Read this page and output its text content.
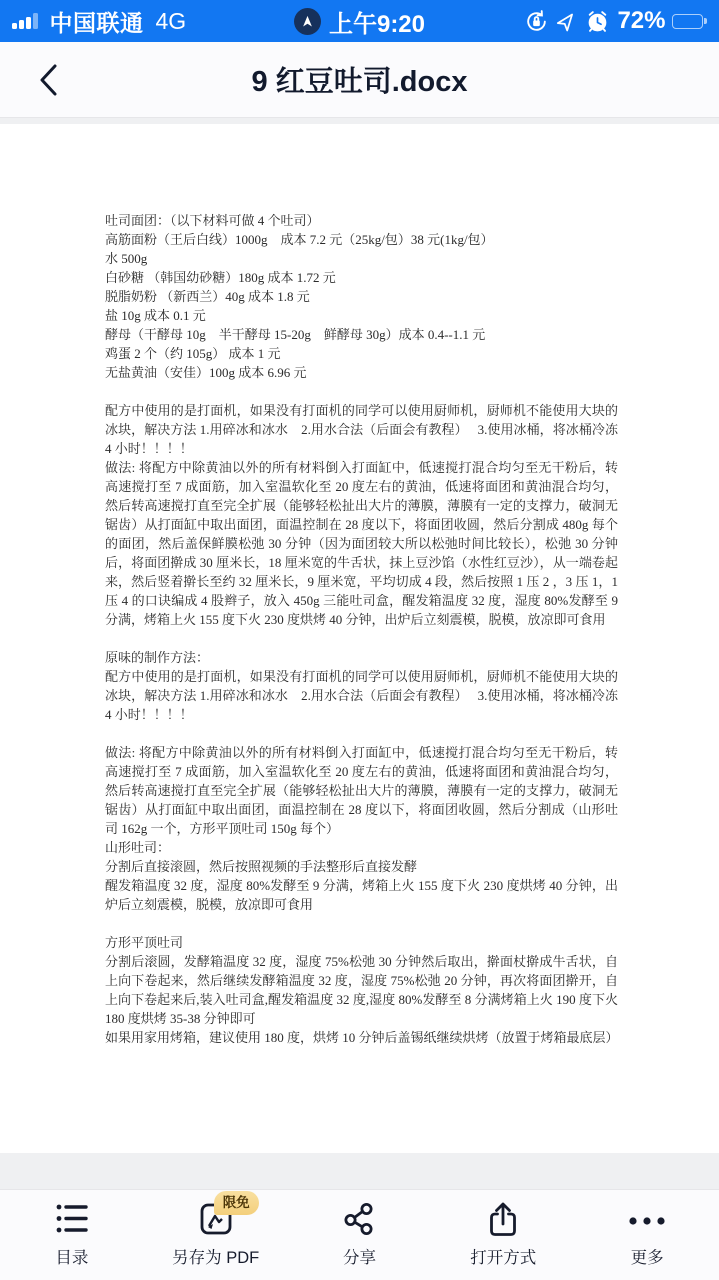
中国联通 4G	上午9:20	72%
9 红豆吐司.docx

吐司面团：（以下材料可做 4 个吐司）

高筋面粉（王后白线）1000g　成本 7.2 元（25kg/包）38 元(1kg/包）

水 500g

白砂糖 （韩国幼砂糖）180g 成本 1.72 元

脱脂奶粉 （新西兰）40g 成本 1.8 元

盐 10g 成本 0.1 元

酵母（干酵母 10g　半干酵母 15-20g　鲜酵母 30g）成本 0.4--1.1 元

鸡蛋 2 个（约 105g） 成本 1 元

无盐黄油（安佳）100g 成本 6.96 元

配方中使用的是打面机，如果没有打面机的同学可以使用厨师机，厨师机不能使用大块的冰块，解决方法 1.用碎冰和冰水　2.用水合法（后面会有教程）　 3.使用冰桶，将冰桶冷冻 4 小时！！！！

做法: 将配方中除黄油以外的所有材料倒入打面缸中，低速搅打混合均匀至无干粉后，转高速搅打至 7 成面筋，加入室温软化至 20 度左右的黄油，低速将面团和黄油混合均匀，然后转高速搅打直至完全扩展（能够轻松扯出大片的薄膜，薄膜有一定的支撑力，破洞无锯齿）从打面缸中取出面团，面温控制在 28 度以下，将面团收圆，然后分割成 480g 每个的面团，然后盖保鲜膜松弛 30 分钟（因为面团较大所以松弛时间比较长），松弛 30 分钟后，将面团擀成 30 厘米长，18 厘米宽的牛舌状，抹上豆沙馅（水性红豆沙），从一端卷起来，然后竖着擀长至约 32 厘米长，9 厘米宽，平均切成 4 段，然后按照 1 压 2 ，3 压 1，1 压 4 的口诀编成 4 股辫子，放入 450g 三能吐司盒，醒发箱温度 32 度，湿度 80%发酵至 9 分满，烤箱上火 155 度下火 230 度烘烤 40 分钟，出炉后立刻震模，脱模，放凉即可食用

原味的制作方法：

配方中使用的是打面机，如果没有打面机的同学可以使用厨师机，厨师机不能使用大块的冰块，解决方法 1.用碎冰和冰水　2.用水合法（后面会有教程）　 3.使用冰桶，将冰桶冷冻 4 小时！！！！

做法: 将配方中除黄油以外的所有材料倒入打面缸中，低速搅打混合均匀至无干粉后，转高速搅打至 7 成面筋，加入室温软化至 20 度左右的黄油，低速将面团和黄油混合均匀，然后转高速搅打直至完全扩展（能够轻松扯出大片的薄膜，薄膜有一定的支撑力，破洞无锯齿）从打面缸中取出面团，面温控制在 28 度以下，将面团收圆，然后分割成（山形吐司 162g 一个，方形平顶吐司 150g 每个）

山形吐司：

分割后直接滚圆，然后按照视频的手法整形后直接发酵

醒发箱温度 32 度，湿度 80%发酵至 9 分满，烤箱上火 155 度下火 230 度烘烤 40 分钟，出炉后立刻震模，脱模，放凉即可食用

方形平顶吐司

分割后滚圆，发酵箱温度 32 度，湿度 75%松弛 30 分钟然后取出，擀面杖擀成牛舌状，自上向下卷起来，然后继续发酵箱温度 32 度，湿度 75%松弛 20 分钟，再次将面团擀开，自上向下卷起来后,装入吐司盒,醒发箱温度 32 度,湿度 80%发酵至 8 分满烤箱上火 190 度下火 180 度烘烤 35-38 分钟即可

如果用家用烤箱，建议使用 180 度，烘烤 10 分钟后盖锡纸继续烘烤（放置于烤箱最底层）

目录
限免
另存为 PDF	分享	打开方式	更多
